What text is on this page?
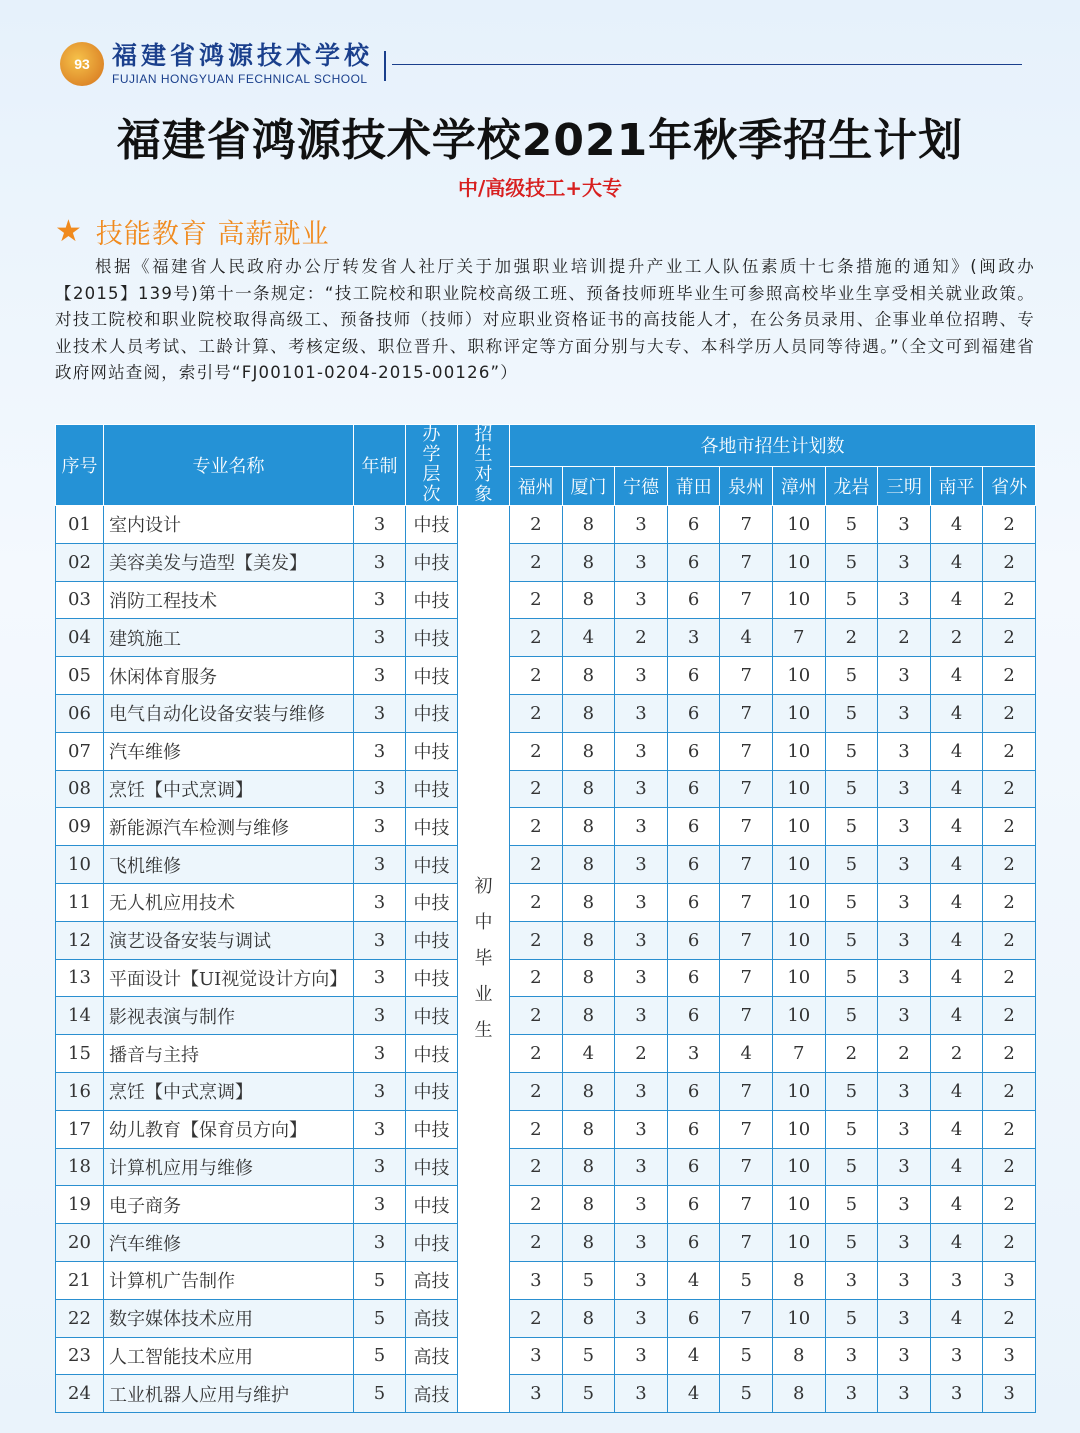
93 福建省鸿源技术学校
FUJIAN HONGYUAN FECHNICAL SCHOOL
福建省鸿源技术学校2021年秋季招生计划
中/高级技工+大专
★ 技能教育 高薪就业
根据《福建省人民政府办公厅转发省人社厅关于加强职业培训提升产业工人队伍素质十七条措施的通知》(闽政办【2015】139号)第十一条规定：“技工院校和职业院校高级工班、预备技师班毕业生可参照高校毕业生享受相关就业政策。对技工院校和职业院校取得高级工、预备技师（技师）对应职业资格证书的高技能人才，在公务员录用、企事业单位招聘、专业技术人员考试、工龄计算、考核定级、职位晋升、职称评定等方面分别与大专、本科学历人员同等待遇。”（全文可到福建省政府网站查阅，索引号“FJ00101-0204-2015-00126”）
序号	专业名称	年制	办学层次	招生对象	各地市招生计划数									
					福州	厦门	宁德	莆田	泉州	漳州	龙岩	三明	南平	省外
01	室内设计	3	中技	初中毕业生	2	8	3	6	7	10	5	3	4	2
02	美容美发与造型【美发】	3	中技		2	8	3	6	7	10	5	3	4	2
03	消防工程技术	3	中技		2	8	3	6	7	10	5	3	4	2
04	建筑施工	3	中技		2	4	2	3	4	7	2	2	2	2
05	休闲体育服务	3	中技		2	8	3	6	7	10	5	3	4	2
06	电气自动化设备安装与维修	3	中技		2	8	3	6	7	10	5	3	4	2
07	汽车维修	3	中技		2	8	3	6	7	10	5	3	4	2
08	烹饪【中式烹调】	3	中技		2	8	3	6	7	10	5	3	4	2
09	新能源汽车检测与维修	3	中技		2	8	3	6	7	10	5	3	4	2
10	飞机维修	3	中技		2	8	3	6	7	10	5	3	4	2
11	无人机应用技术	3	中技		2	8	3	6	7	10	5	3	4	2
12	演艺设备安装与调试	3	中技		2	8	3	6	7	10	5	3	4	2
13	平面设计【UI视觉设计方向】	3	中技		2	8	3	6	7	10	5	3	4	2
14	影视表演与制作	3	中技		2	8	3	6	7	10	5	3	4	2
15	播音与主持	3	中技		2	4	2	3	4	7	2	2	2	2
16	烹饪【中式烹调】	3	中技		2	8	3	6	7	10	5	3	4	2
17	幼儿教育【保育员方向】	3	中技		2	8	3	6	7	10	5	3	4	2
18	计算机应用与维修	3	中技		2	8	3	6	7	10	5	3	4	2
19	电子商务	3	中技		2	8	3	6	7	10	5	3	4	2
20	汽车维修	3	中技		2	8	3	6	7	10	5	3	4	2
21	计算机广告制作	5	高技		3	5	3	4	5	8	3	3	3	3
22	数字媒体技术应用	5	高技		2	8	3	6	7	10	5	3	4	2
23	人工智能技术应用	5	高技		3	5	3	4	5	8	3	3	3	3
24	工业机器人应用与维护	5	高技		3	5	3	4	5	8	3	3	3	3
